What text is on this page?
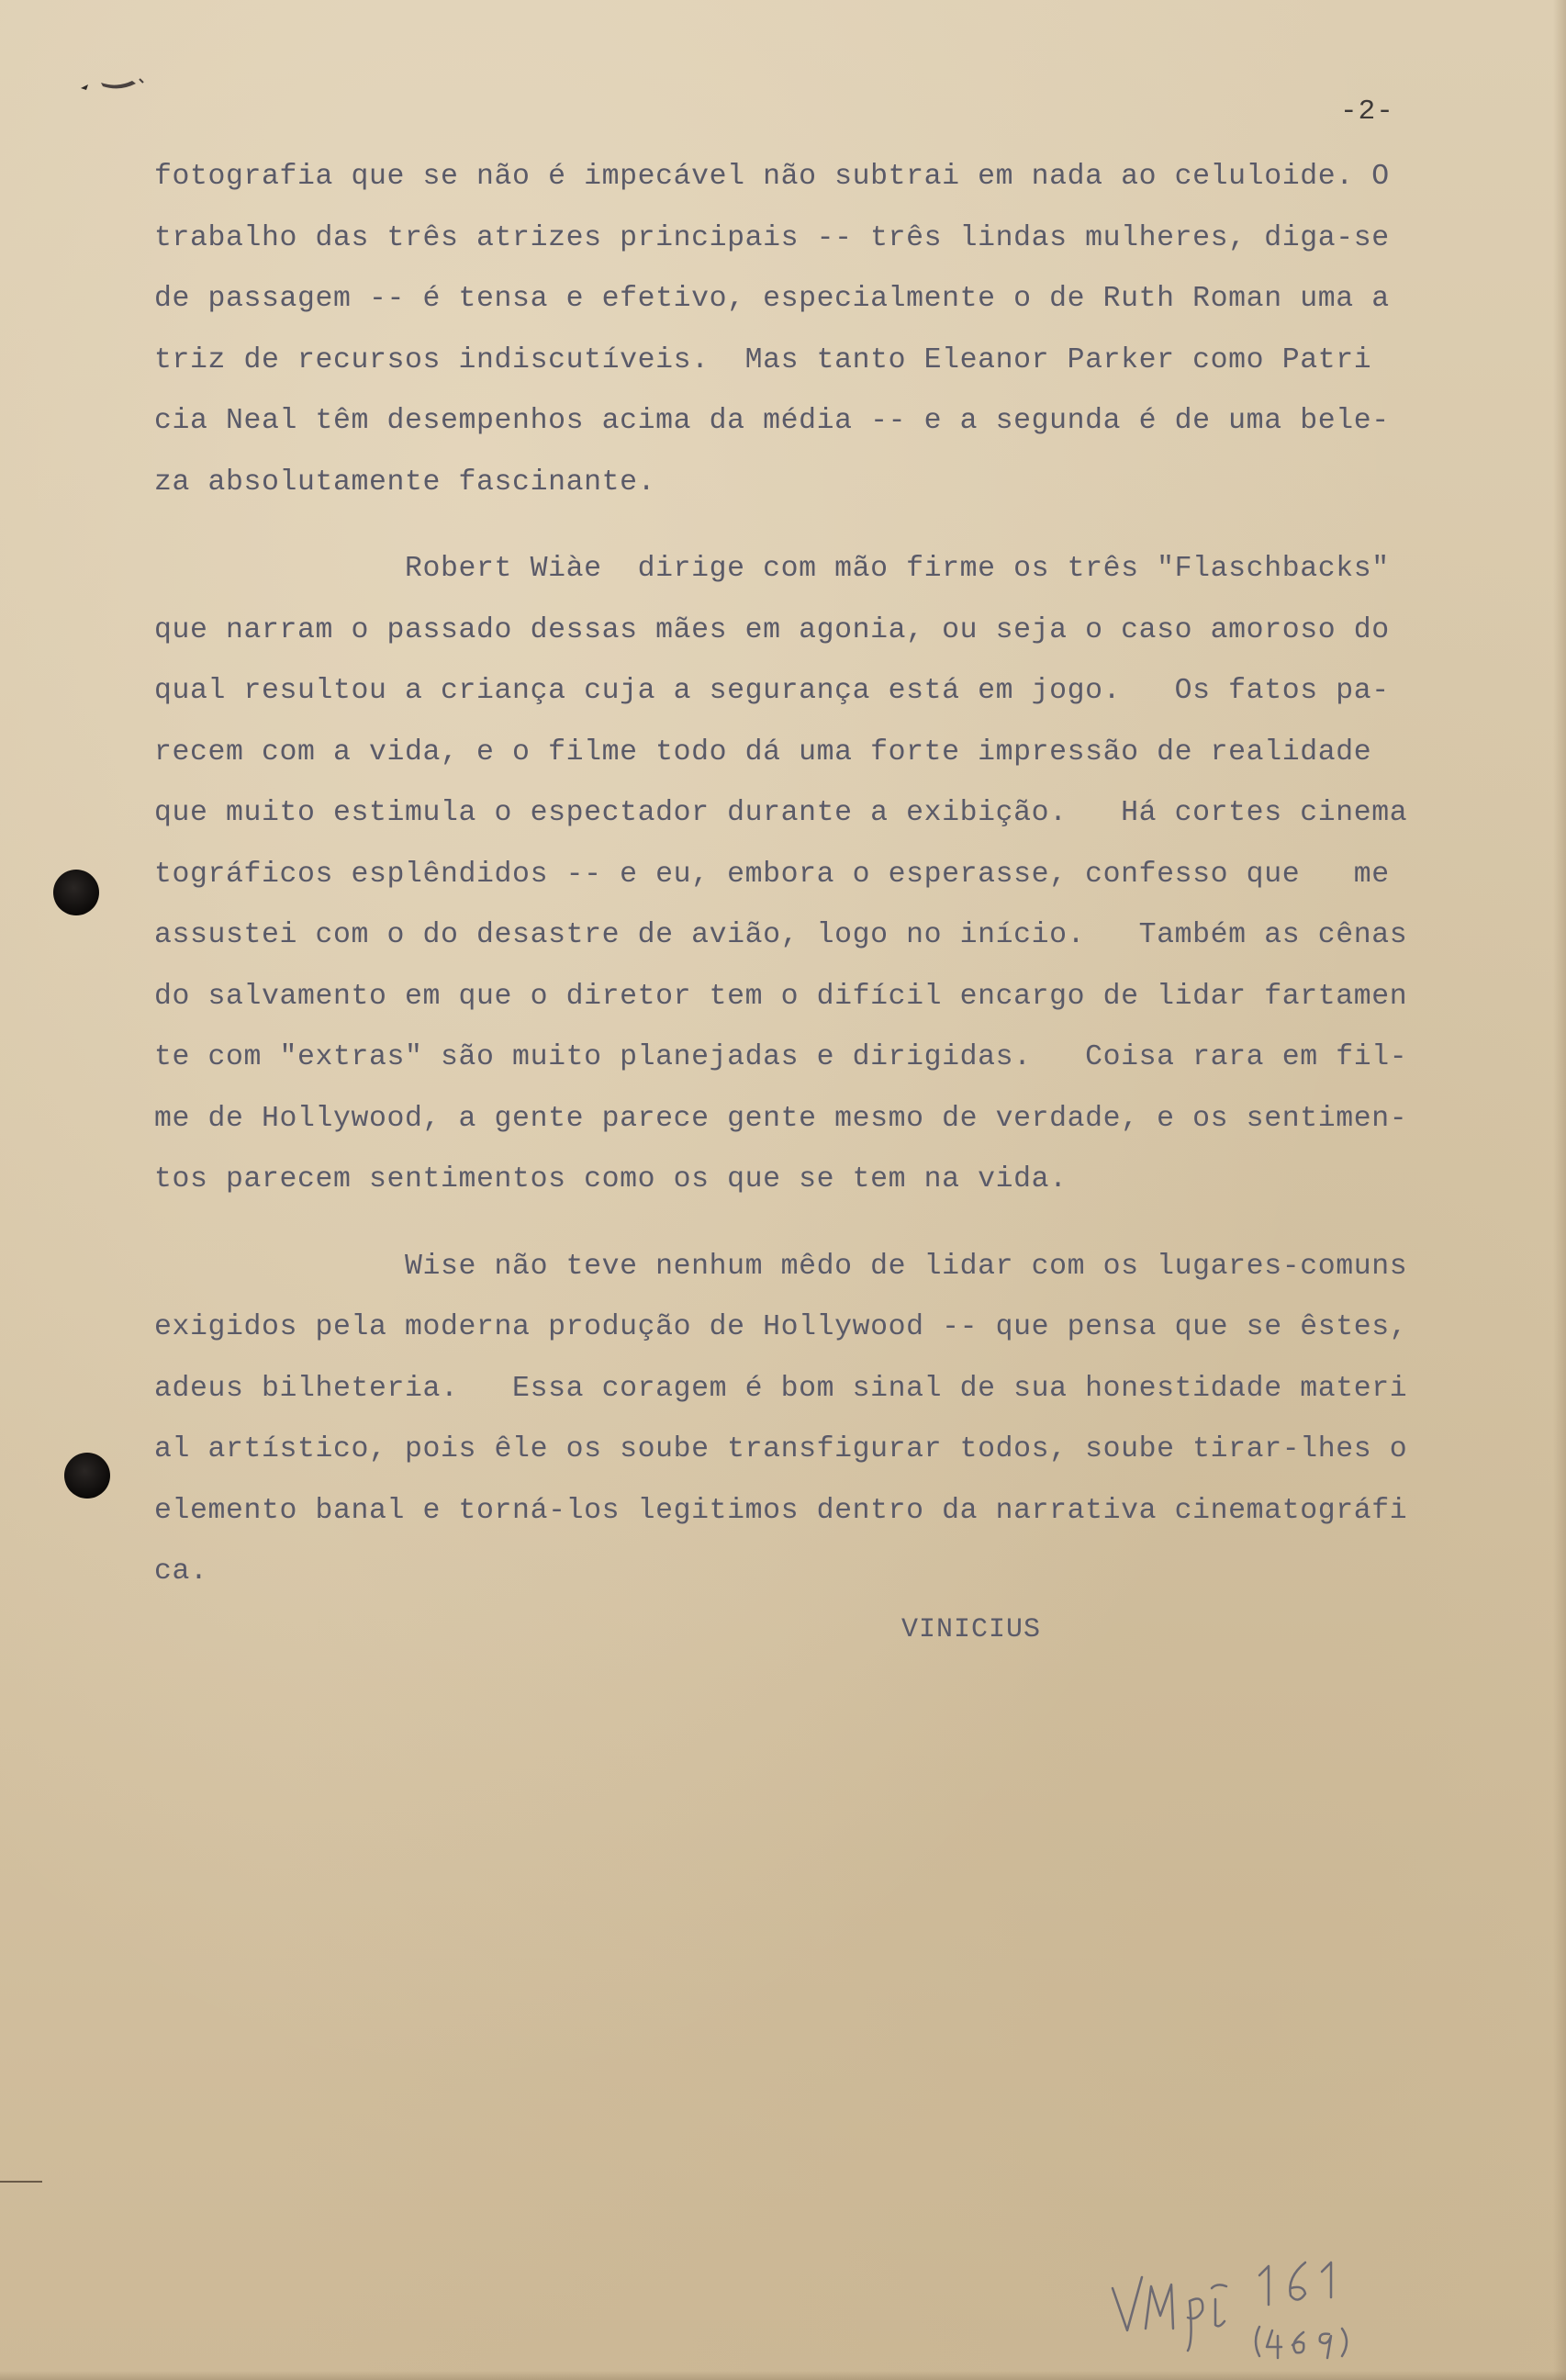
-2-
fotografia que se não é impecável não subtrai em nada ao celuloide. O
trabalho das três atrizes principais -- três lindas mulheres, diga-se
de passagem -- é tensa e efetivo, especialmente o de Ruth Roman uma a
triz de recursos indiscutíveis.  Mas tanto Eleanor Parker como Patri
cia Neal têm desempenhos acima da média -- e a segunda é de uma bele-
za absolutamente fascinante.
Robert Wiàe  dirige com mão firme os três "Flaschbacks"
que narram o passado dessas mães em agonia, ou seja o caso amoroso do
qual resultou a criança cuja a segurança está em jogo.   Os fatos pa-
recem com a vida, e o filme todo dá uma forte impressão de realidade
que muito estimula o espectador durante a exibição.   Há cortes cinema
tográficos esplêndidos -- e eu, embora o esperasse, confesso que   me
assustei com o do desastre de avião, logo no início.   Também as cênas
do salvamento em que o diretor tem o difícil encargo de lidar fartamen
te com "extras" são muito planejadas e dirigidas.   Coisa rara em fil-
me de Hollywood, a gente parece gente mesmo de verdade, e os sentimen-
tos parecem sentimentos como os que se tem na vida.
Wise não teve nenhum mêdo de lidar com os lugares-comuns
exigidos pela moderna produção de Hollywood -- que pensa que se êstes,
adeus bilheteria.   Essa coragem é bom sinal de sua honestidade materi
al artístico, pois êle os soube transfigurar todos, soube tirar-lhes o
elemento banal e torná-los legitimos dentro da narrativa cinematográfi
ca.
VINICIUS
